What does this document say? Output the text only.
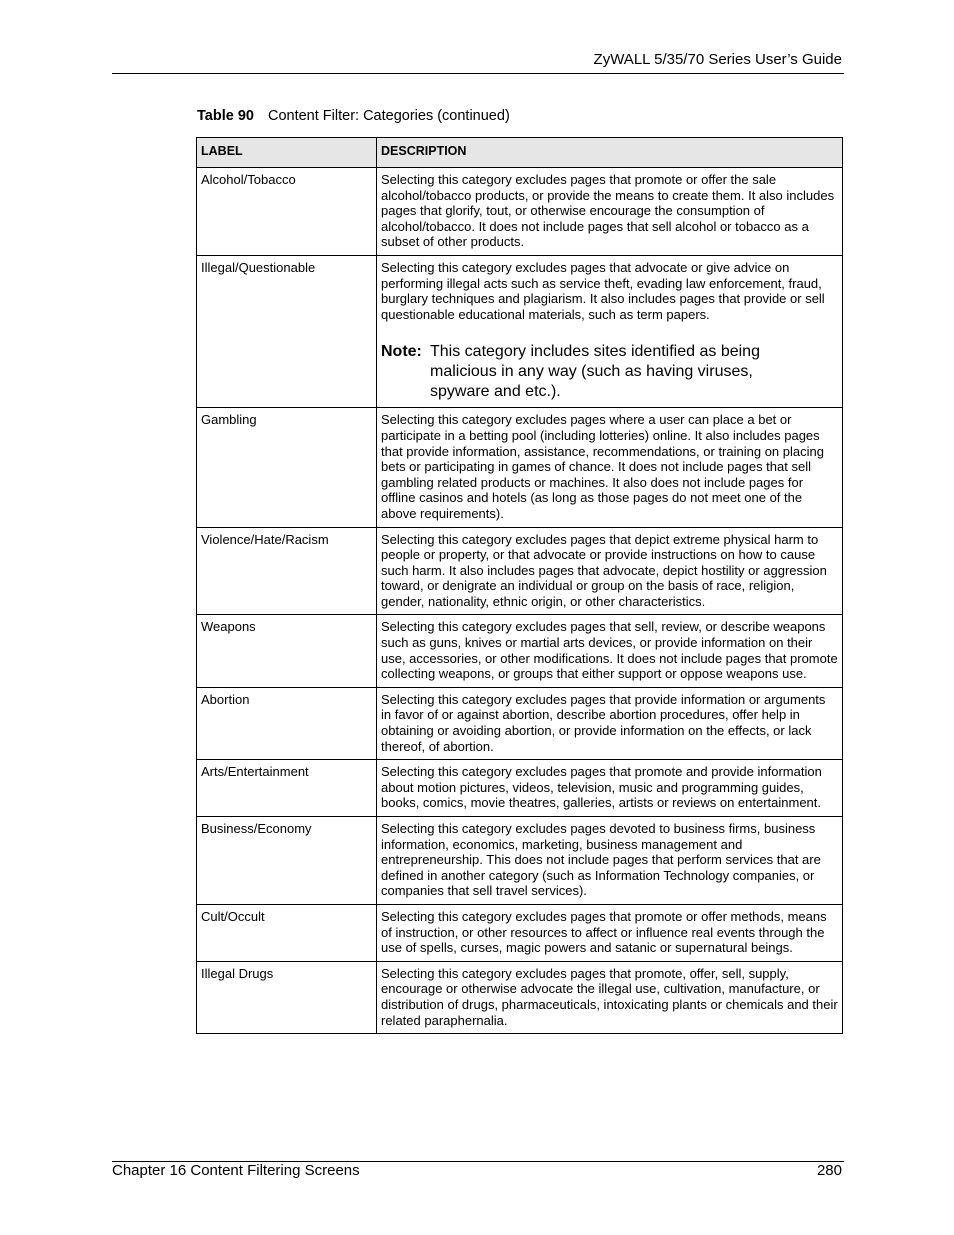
ZyWALL 5/35/70 Series User’s Guide
Table 90 Content Filter: Categories (continued)
LABEL	DESCRIPTION
Alcohol/Tobacco	Selecting this category excludes pages that promote or offer the sale alcohol/tobacco products, or provide the means to create them. It also includes pages that glorify, tout, or otherwise encourage the consumption of alcohol/tobacco. It does not include pages that sell alcohol or tobacco as a subset of other products.
Illegal/Questionable	Selecting this category excludes pages that advocate or give advice on performing illegal acts such as service theft, evading law enforcement, fraud, burglary techniques and plagiarism. It also includes pages that provide or sell questionable educational materials, such as term papers.
Note: This category includes sites identified as being malicious in any way (such as having viruses, spyware and etc.).

Gambling	Selecting this category excludes pages where a user can place a bet or participate in a betting pool (including lotteries) online. It also includes pages that provide information, assistance, recommendations, or training on placing bets or participating in games of chance. It does not include pages that sell gambling related products or machines. It also does not include pages for offline casinos and hotels (as long as those pages do not meet one of the above requirements).
Violence/Hate/Racism	Selecting this category excludes pages that depict extreme physical harm to people or property, or that advocate or provide instructions on how to cause such harm. It also includes pages that advocate, depict hostility or aggression toward, or denigrate an individual or group on the basis of race, religion, gender, nationality, ethnic origin, or other characteristics.
Weapons	Selecting this category excludes pages that sell, review, or describe weapons such as guns, knives or martial arts devices, or provide information on their use, accessories, or other modifications. It does not include pages that promote collecting weapons, or groups that either support or oppose weapons use.
Abortion	Selecting this category excludes pages that provide information or arguments in favor of or against abortion, describe abortion procedures, offer help in obtaining or avoiding abortion, or provide information on the effects, or lack thereof, of abortion.
Arts/Entertainment	Selecting this category excludes pages that promote and provide information about motion pictures, videos, television, music and programming guides, books, comics, movie theatres, galleries, artists or reviews on entertainment.
Business/Economy	Selecting this category excludes pages devoted to business firms, business information, economics, marketing, business management and entrepreneurship. This does not include pages that perform services that are defined in another category (such as Information Technology companies, or companies that sell travel services).
Cult/Occult	Selecting this category excludes pages that promote or offer methods, means of instruction, or other resources to affect or influence real events through the use of spells, curses, magic powers and satanic or supernatural beings.
Illegal Drugs	Selecting this category excludes pages that promote, offer, sell, supply, encourage or otherwise advocate the illegal use, cultivation, manufacture, or distribution of drugs, pharmaceuticals, intoxicating plants or chemicals and their related paraphernalia.
Chapter 16 Content Filtering Screens	280
